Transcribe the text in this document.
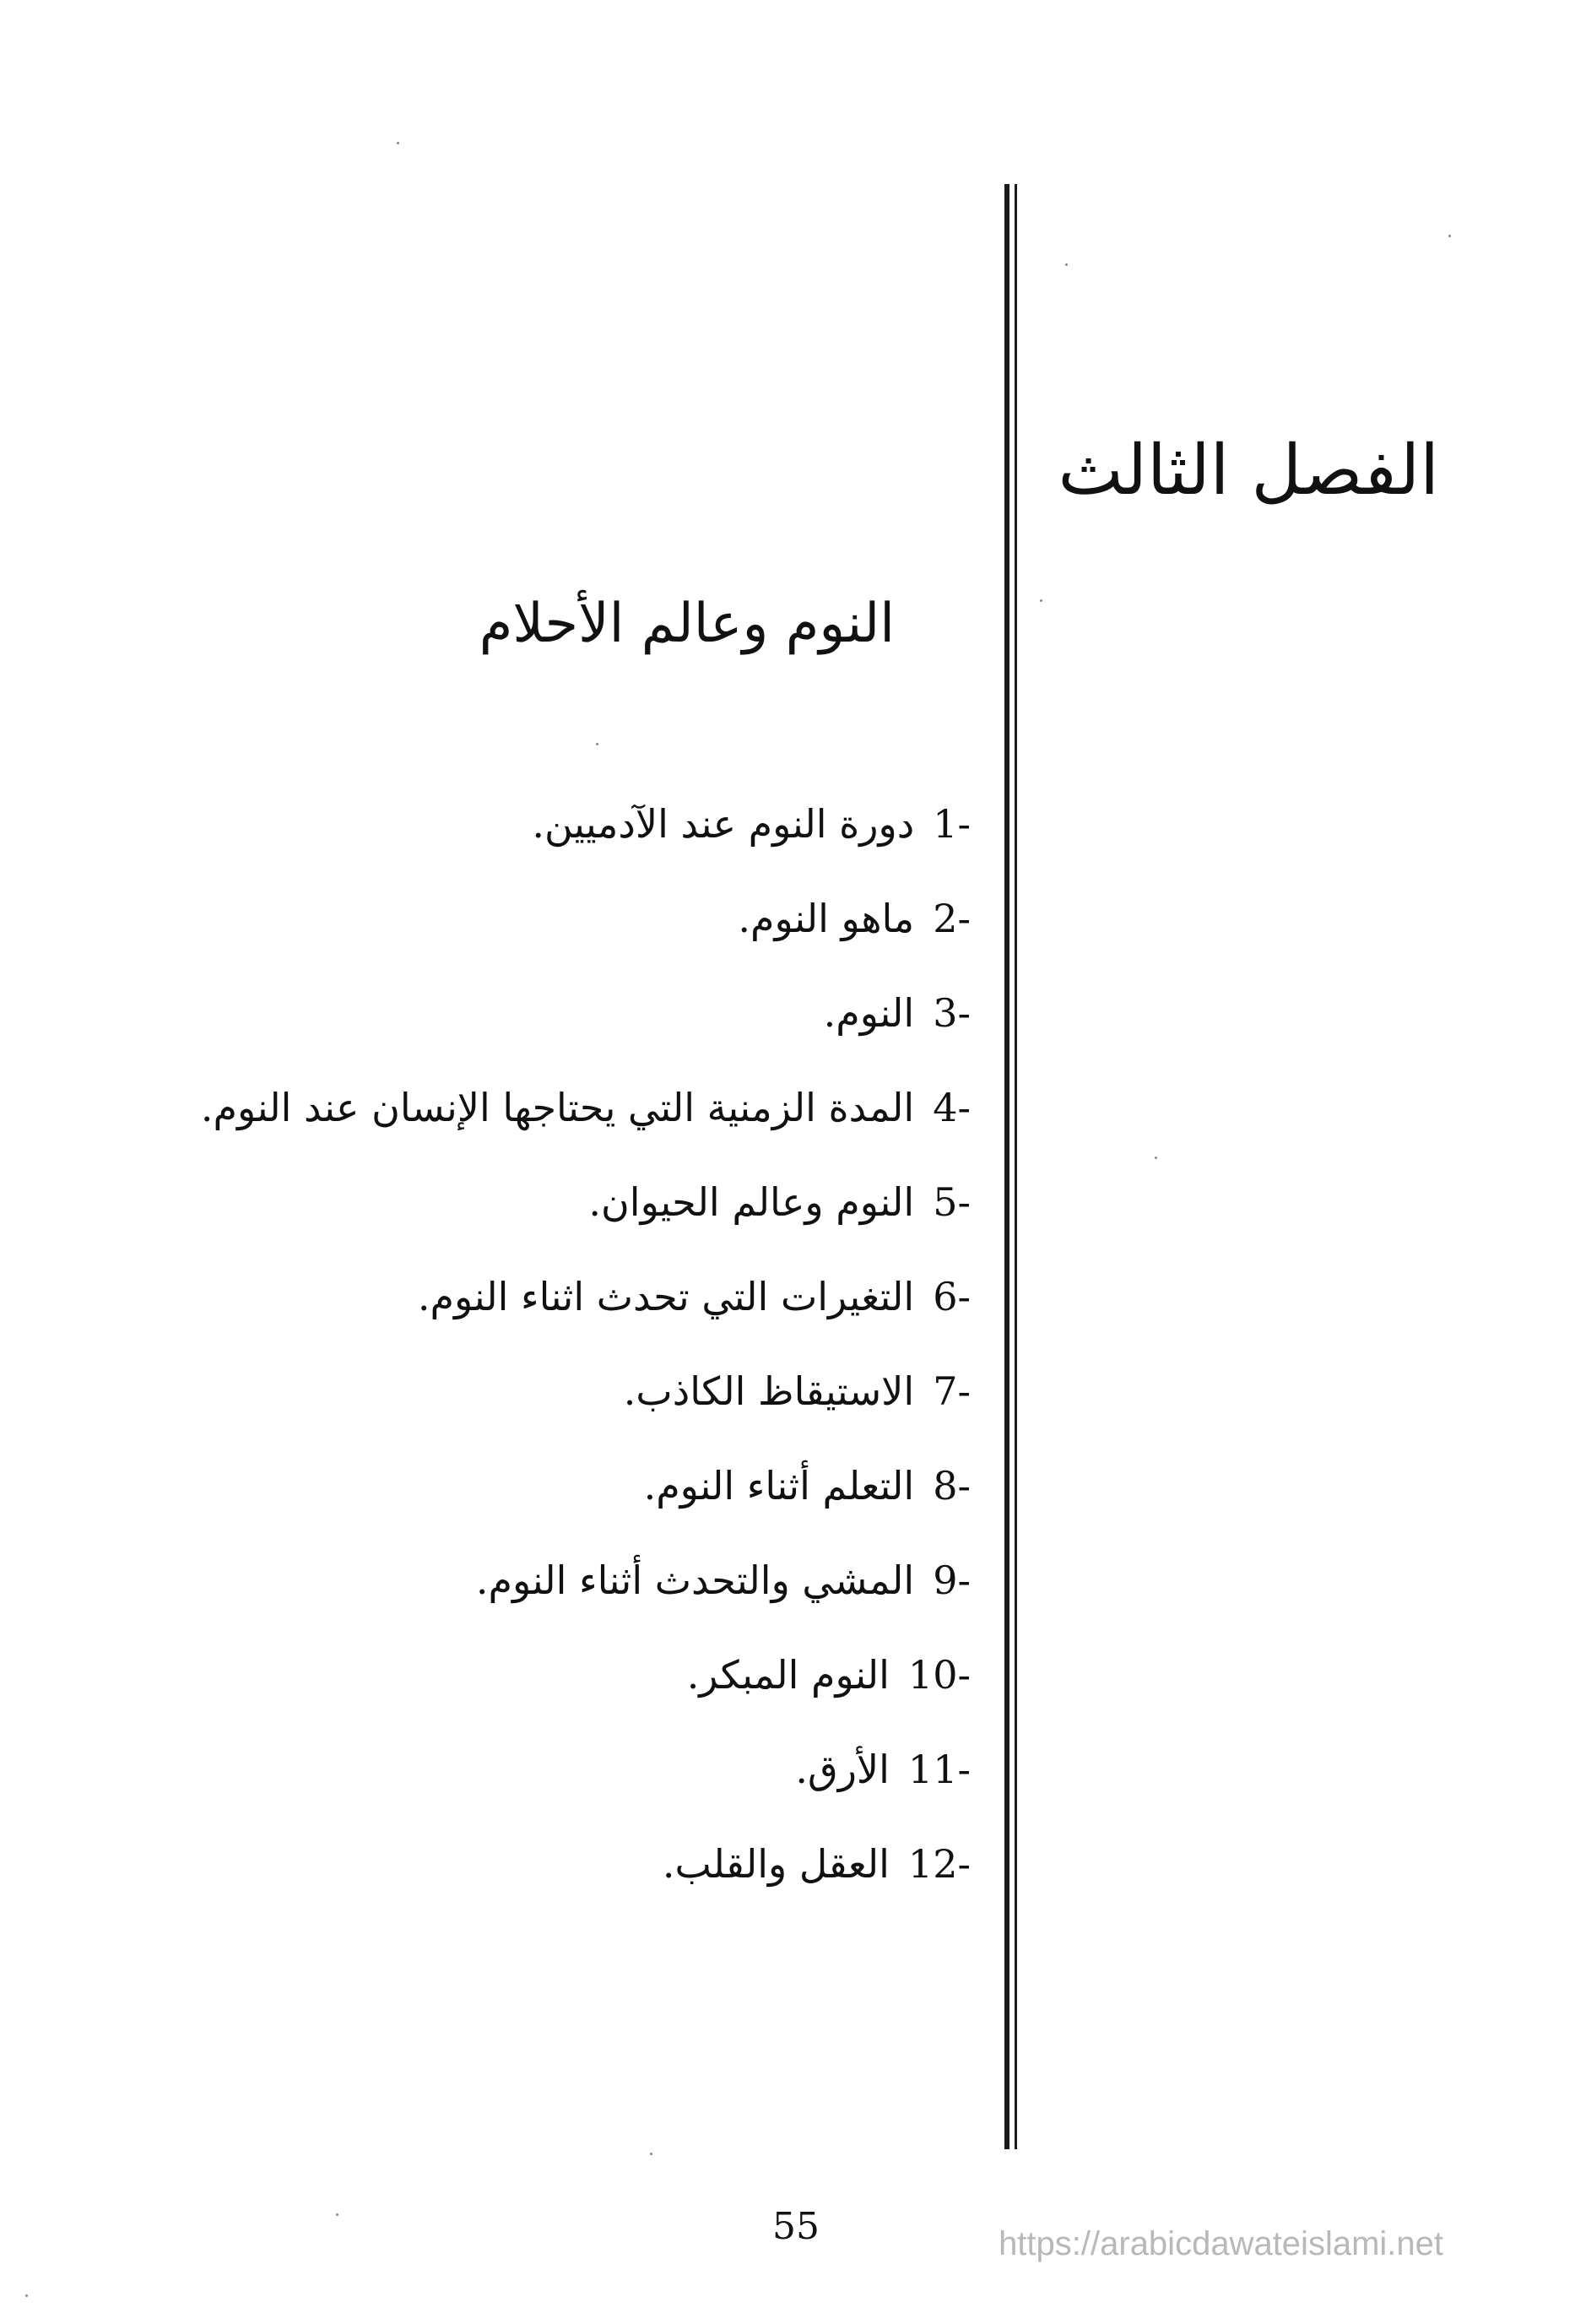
الفصل الثالث
النوم وعالم الأحلام
1-
دورة النوم عند الآدميين.
2-
ماهو النوم.
3-
النوم.
4-
المدة الزمنية التي يحتاجها الإنسان عند النوم.
5-
النوم وعالم الحيوان.
6-
التغيرات التي تحدث اثناء النوم.
7-
الاستيقاظ الكاذب.
8-
التعلم أثناء النوم.
9-
المشي والتحدث أثناء النوم.
10-
النوم المبكر.
11-
الأرق.
12-
العقل والقلب.
55	https://arabicdawateislami.net
